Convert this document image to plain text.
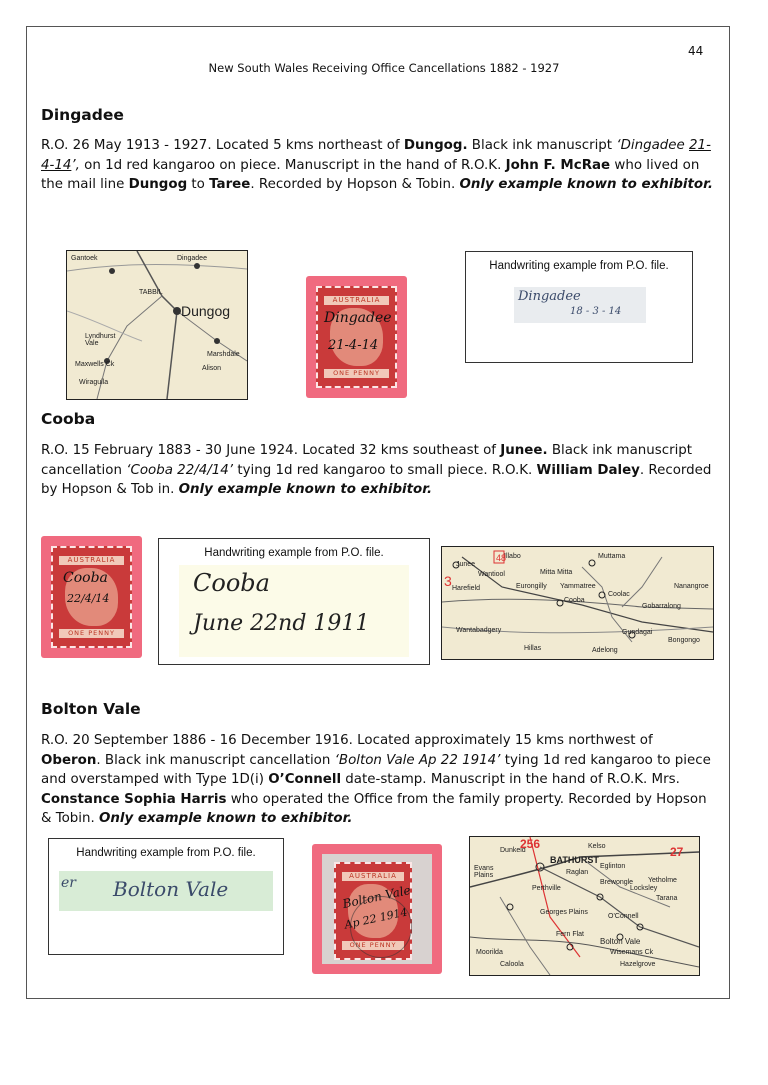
44
New South Wales Receiving Office Cancellations 1882 - 1927
Dingadee

R.O. 26 May 1913 - 1927. Located 5 kms northeast of Dungog. Black ink manuscript ‘Dingadee 21-4-14’, on 1d red kangaroo on piece. Manuscript in the hand of R.O.K. John F. McRae who lived on the mail line Dungog to Taree. Recorded by Hopson & Tobin. Only example known to exhibitor.

Dungog
Lyndhurst Vale
Maxwells Ck
Wiragulla
Marshdale
Alison
TABBIL
Dingadee
Gantoek
AUSTRALIA
ONE PENNY
Dingadee
21-4-14
Handwriting example from P.O. file.
Dingadee
18 - 3 - 14
Cooba

R.O. 15 February 1883 - 30 June 1924. Located 32 kms southeast of Junee. Black ink manuscript cancellation ‘Cooba 22/4/14’ tying 1d red kangaroo to small piece. R.O.K. William Daley. Recorded by Hopson & Tob in. Only example known to exhibitor.

AUSTRALIA
ONE PENNY
Cooba
22/4/14
Handwriting example from P.O. file.
Cooba
June 22nd 1911
Junee
Illabo
Mitta Mitta
Yammatree
Coolac
Muttama
Gundagai
Cooba
Bongongo
Nanangroe
Gobarralong
Hillas	Adelong
Eurongilly
Wantiool
Harefield
Wantabadgery
48
3
Bolton Vale

R.O. 20 September 1886 - 16 December 1916. Located approximately 15 kms northwest of Oberon. Black ink manuscript cancellation ‘Bolton Vale Ap 22 1914’ tying 1d red kangaroo to piece and overstamped with Type 1D(i) O’Connell date-stamp. Manuscript in the hand of R.O.K. Mrs. Constance Sophia Harris who operated the Office from the family property. Recorded by Hopson & Tobin. Only example known to exhibitor.

Handwriting example from P.O. file.
er Bolton Vale
AUSTRALIA
ONE PENNY
Bolton Vale
Ap 22 1914
BATHURST
Kelso
Raglan
Eglinton
Dunkeld
Evans Plains
Perthville
Brewongle
O'Connell
Bolton Vale
Wisemans Ck
Hazelgrove
Moorilda
Caloola
Tarana
Locksley
Yetholme
Georges Plains
Fern Flat
256
27
